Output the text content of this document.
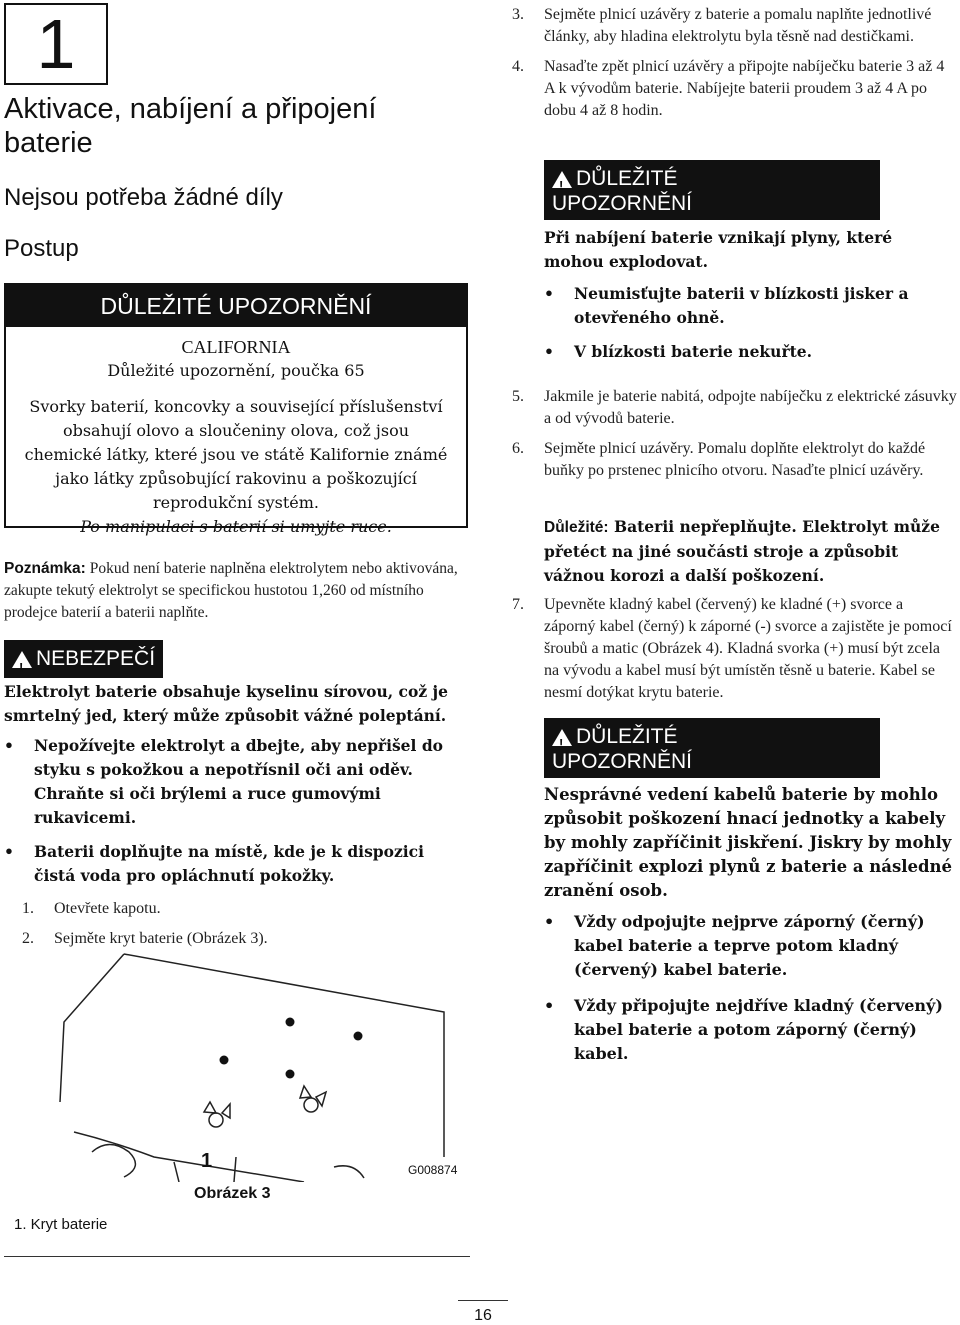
1
Aktivace, nabíjení a připojení baterie
Nejsou potřeba žádné díly
Postup
DŮLEŽITÉ UPOZORNĚNÍ
CALIFORNIA
Důležité upozornění, poučka 65
Svorky baterií, koncovky a související příslušenství obsahují olovo a sloučeniny olova, což jsou chemické látky, které jsou ve státě Kalifornie známé jako látky způsobující rakovinu a poškozující reprodukční systém.
Po manipulaci s baterií si umyjte ruce.
Poznámka: Pokud není baterie naplněna elektrolytem nebo aktivována, zakupte tekutý elektrolyt se specifickou hustotou 1,260 od místního prodejce baterií a baterii naplňte.
!NEBEZPEČÍ
Elektrolyt baterie obsahuje kyselinu sírovou, což je smrtelný jed, který může způsobit vážné poleptání.
• Nepožívejte elektrolyt a dbejte, aby nepřišel do styku s pokožkou a nepotřísnil oči ani oděv. Chraňte si oči brýlemi a ruce gumovými rukavicemi.
• Baterii doplňujte na místě, kde je k dispozici čistá voda pro opláchnutí pokožky.
1. Otevřete kapotu.
2. Sejměte kryt baterie (Obrázek 3).
1	G008874
Obrázek 3
1. Kryt baterie
3. Sejměte plnicí uzávěry z baterie a pomalu naplňte jednotlivé články, aby hladina elektrolytu byla těsně nad destičkami.
4. Nasaďte zpět plnicí uzávěry a připojte nabíječku baterie 3 až 4 A k vývodům baterie. Nabíjejte baterii proudem 3 až 4 A po dobu 4 až 8 hodin.
!DŮLEŽITÉ
UPOZORNĚNÍ
Při nabíjení baterie vznikají plyny, které mohou explodovat.
• Neumisťujte baterii v blízkosti jisker a otevřeného ohně.
• V blízkosti baterie nekuřte.
5. Jakmile je baterie nabitá, odpojte nabíječku z elektrické zásuvky a od vývodů baterie.
6. Sejměte plnicí uzávěry. Pomalu doplňte elektrolyt do každé buňky po prstenec plnicího otvoru. Nasaďte plnicí uzávěry.
Důležité: Baterii nepřeplňujte. Elektrolyt může přetéct na jiné součásti stroje a způsobit vážnou korozi a další poškození.
7. Upevněte kladný kabel (červený) ke kladné (+) svorce a záporný kabel (černý) k záporné (-) svorce a zajistěte je pomocí šroubů a matic (Obrázek 4). Kladná svorka (+) musí být zcela na vývodu a kabel musí být umístěn těsně u baterie. Kabel se nesmí dotýkat krytu baterie.
!DŮLEŽITÉ
UPOZORNĚNÍ
Nesprávné vedení kabelů baterie by mohlo způsobit poškození hnací jednotky a kabely by mohly zapříčinit jiskření. Jiskry by mohly zapříčinit explozi plynů z baterie a následné zranění osob.
• Vždy odpojujte nejprve záporný (černý) kabel baterie a teprve potom kladný (červený) kabel baterie.
• Vždy připojujte nejdříve kladný (červený) kabel baterie a potom záporný (černý) kabel.
16
